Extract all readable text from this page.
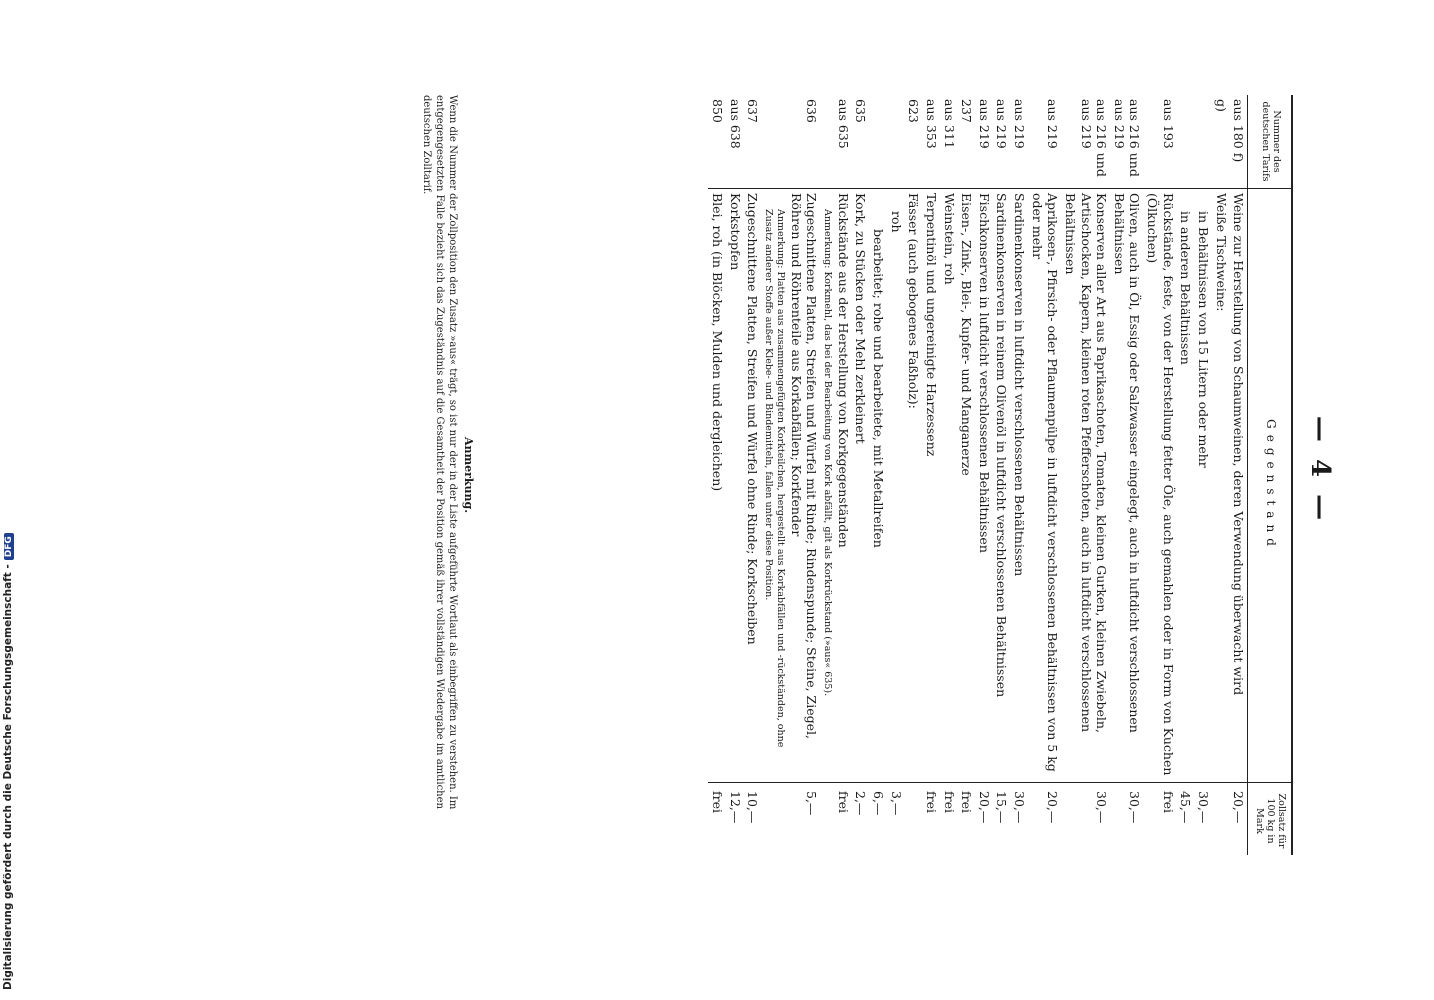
— 4 —
Nummer des deutschen Tarifs	Gegenstand	Zollsatz für 100 kg in Mark
aus 180 f)	Weine zur Herstellung von Schaumweinen, deren Verwendung überwacht wird	20,—
g)	Weiße Tischweine:	

	in Behältnissen von 15 Litern oder mehr	30,—

	in anderen Behältnissen	45,—
aus 193	Rückstände, feste, von der Herstellung fetter Öle, auch gemahlen oder in Form von Kuchen (Ölkuchen)	frei
aus 216 und
aus 219	Oliven, auch in Öl, Essig oder Salzwasser eingelegt, auch in luftdicht verschlossenen Behältnissen	30,—
aus 216 und
aus 219	Konserven aller Art aus Paprikaschoten, Tomaten, kleinen Gurken, kleinen Zwiebeln, Artischocken, Kapern, kleinen roten Pfefferschoten, auch in luftdicht verschlossenen Behältnissen	30,—
aus 219	Aprikosen-, Pfirsich- oder Pflaumenpülpe in luftdicht verschlossenen Behältnissen von 5 kg oder mehr	20,—
aus 219	Sardinenkonserven in luftdicht verschlossenen Behältnissen	30,—
aus 219	Sardinenkonserven in reinem Olivenöl in luftdicht verschlossenen Behältnissen	15,—
aus 219	Fischkonserven in luftdicht verschlossenen Behältnissen	20,—
237	Eisen-, Zink-, Blei-, Kupfer- und Manganerze	frei
aus 311	Weinstein, roh	frei
aus 353	Terpentinöl und ungereinigte Harzessenz	frei
623	Fässer (auch gebogenes Faßholz):	

	roh	3,—

	bearbeitet; rohe und bearbeitete, mit Metallreifen	6,—
635	Kork, zu Stücken oder Mehl zerkleinert	2,—
aus 635	Rückstände aus der Herstellung von Korkgegenständen	frei

	Anmerkung: Korkmehl, das bei der Bearbeitung von Kork abfällt, gilt als Korkrückstand (»aus« 635).	

636	Zugeschnittene Platten, Streifen und Würfel mit Rinde; Rindenspunde; Steine, Ziegel, Röhren und Röhrenteile aus Korkabfällen; Korkfender	5,—

	Anmerkung: Platten aus zusammengefügten Korkteilchen, hergestellt aus Korkabfällen und -rückständen, ohne Zusatz anderer Stoffe außer Klebe- und Bindemitteln, fallen unter diese Position.	

637	Zugeschnittene Platten, Streifen und Würfel ohne Rinde; Korkscheiben	10,—
aus 638	Korkstopfen	12,—
850	Blei, roh (in Blöcken, Mulden und dergleichen)	frei
Anmerkung.
Wenn die Nummer der Zollposition den Zusatz »aus« trägt, so ist nur der in der Liste aufgeführte Wortlaut als einbegriffen zu verstehen. Im entgegengesetzten Falle bezieht sich das Zugeständnis auf die Gesamtheit der Position gemäß ihrer vollständigen Wiedergabe im amtlichen deutschen Zolltarif.
Digitalisierung gefördert durch die Deutsche Forschungsgemeinschaft -DFG
